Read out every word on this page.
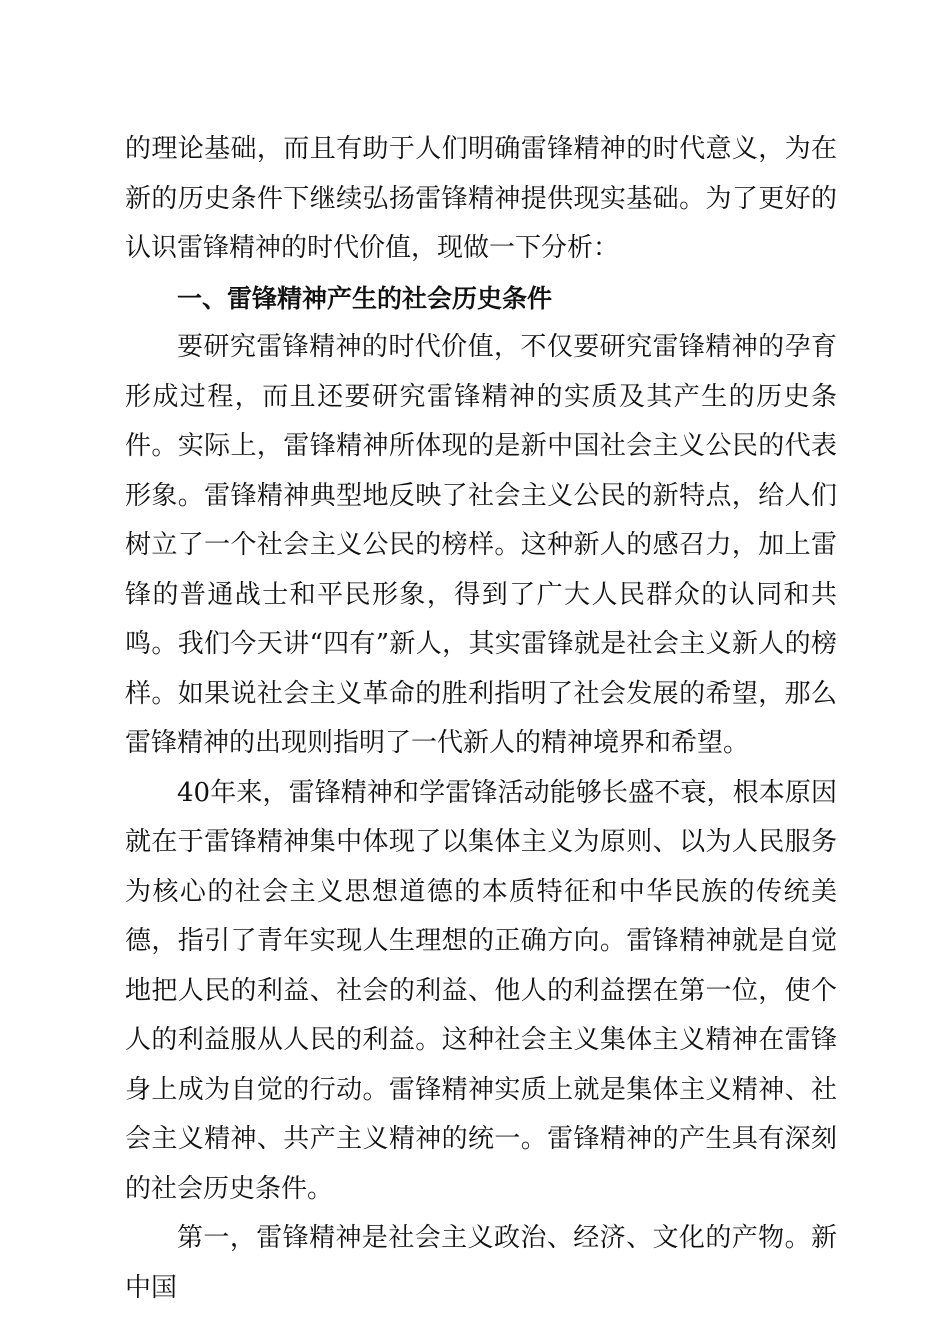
的理论基础，而且有助于人们明确雷锋精神的时代意义，为在新的历史条件下继续弘扬雷锋精神提供现实基础。为了更好的认识雷锋精神的时代价值，现做一下分析：

一、雷锋精神产生的社会历史条件

要研究雷锋精神的时代价值，不仅要研究雷锋精神的孕育形成过程，而且还要研究雷锋精神的实质及其产生的历史条件。实际上，雷锋精神所体现的是新中国社会主义公民的代表形象。雷锋精神典型地反映了社会主义公民的新特点，给人们树立了一个社会主义公民的榜样。这种新人的感召力，加上雷锋的普通战士和平民形象，得到了广大人民群众的认同和共鸣。我们今天讲“四有”新人，其实雷锋就是社会主义新人的榜样。如果说社会主义革命的胜利指明了社会发展的希望，那么雷锋精神的出现则指明了一代新人的精神境界和希望。

40年来，雷锋精神和学雷锋活动能够长盛不衰，根本原因就在于雷锋精神集中体现了以集体主义为原则、以为人民服务为核心的社会主义思想道德的本质特征和中华民族的传统美德，指引了青年实现人生理想的正确方向。雷锋精神就是自觉地把人民的利益、社会的利益、他人的利益摆在第一位，使个人的利益服从人民的利益。这种社会主义集体主义精神在雷锋身上成为自觉的行动。雷锋精神实质上就是集体主义精神、社会主义精神、共产主义精神的统一。雷锋精神的产生具有深刻的社会历史条件。

第一，雷锋精神是社会主义政治、经济、文化的产物。新中国
